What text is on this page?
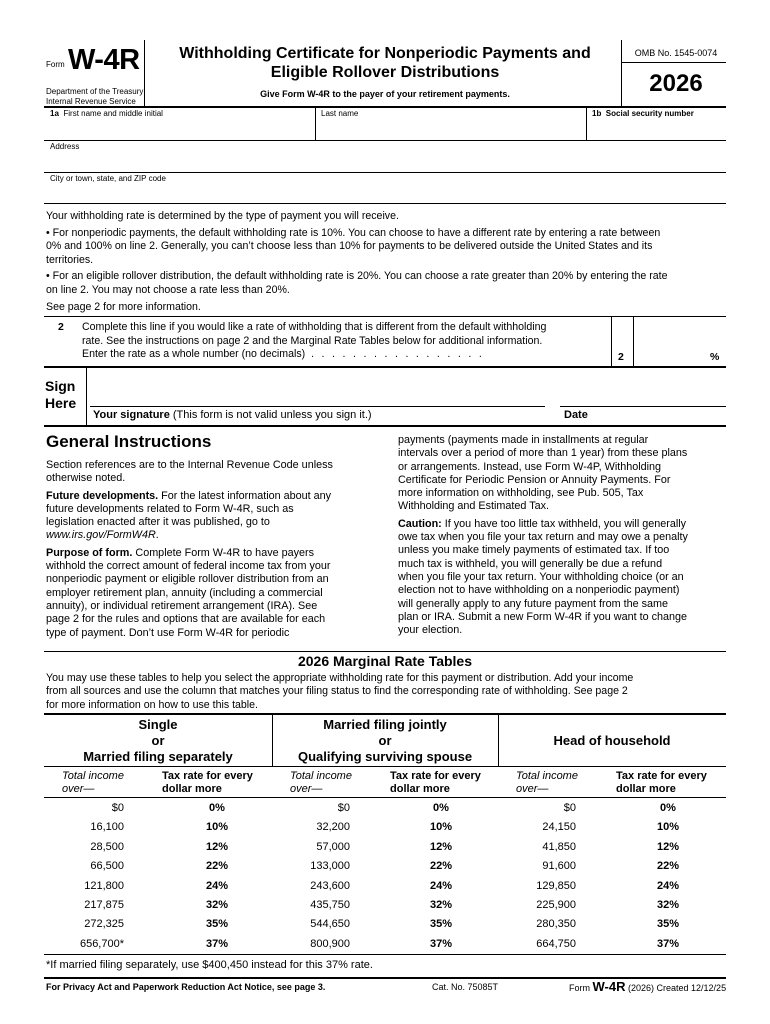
Form W-4R
Department of the Treasury
Internal Revenue Service
Withholding Certificate for Nonperiodic Payments and
Eligible Rollover Distributions
Give Form W-4R to the payer of your retirement payments.
OMB No. 1545-0074
2026
1a First name and middle initial	Last name	1b Social security number
Address
City or town, state, and ZIP code
Your withholding rate is determined by the type of payment you will receive.
• For nonperiodic payments, the default withholding rate is 10%. You can choose to have a different rate by entering a rate between
0% and 100% on line 2. Generally, you can’t choose less than 10% for payments to be delivered outside the United States and its
territories.
• For an eligible rollover distribution, the default withholding rate is 20%. You can choose a rate greater than 20% by entering the rate
on line 2. You may not choose a rate less than 20%.
See page 2 for more information.
2 Complete this line if you would like a rate of withholding that is different from the default withholding
rate. See the instructions on page 2 and the Marginal Rate Tables below for additional information.
Enter the rate as a whole number (no decimals) . . . . . . . . . . . . . . . . .	2	%
Sign
Here
Your signature (This form is not valid unless you sign it.)	Date
General Instructions
Section references are to the Internal Revenue Code unless
otherwise noted.
Future developments. For the latest information about any
future developments related to Form W-4R, such as
legislation enacted after it was published, go to
www.irs.gov/FormW4R.
Purpose of form. Complete Form W-4R to have payers
withhold the correct amount of federal income tax from your
nonperiodic payment or eligible rollover distribution from an
employer retirement plan, annuity (including a commercial
annuity), or individual retirement arrangement (IRA). See
page 2 for the rules and options that are available for each
type of payment. Don’t use Form W-4R for periodic
payments (payments made in installments at regular
intervals over a period of more than 1 year) from these plans
or arrangements. Instead, use Form W-4P, Withholding
Certificate for Periodic Pension or Annuity Payments. For
more information on withholding, see Pub. 505, Tax
Withholding and Estimated Tax.
Caution: If you have too little tax withheld, you will generally
owe tax when you file your tax return and may owe a penalty
unless you make timely payments of estimated tax. If too
much tax is withheld, you will generally be due a refund
when you file your tax return. Your withholding choice (or an
election not to have withholding on a nonperiodic payment)
will generally apply to any future payment from the same
plan or IRA. Submit a new Form W-4R if you want to change
your election.
2026 Marginal Rate Tables
You may use these tables to help you select the appropriate withholding rate for this payment or distribution. Add your income
from all sources and use the column that matches your filing status to find the corresponding rate of withholding. See page 2
for more information on how to use this table.
Single
or
Married filing separately
Married filing jointly
or
Qualifying surviving spouse
Head of household
Total income
over—
Tax rate for every
dollar more
Total income
over—
Tax rate for every
dollar more
Total income
over—
Tax rate for every
dollar more
$0	0%	$0	0%	$0	0%
16,100	10%	32,200	10%	24,150	10%
28,500	12%	57,000	12%	41,850	12%
66,500	22%	133,000	22%	91,600	22%
121,800	24%	243,600	24%	129,850	24%
217,875	32%	435,750	32%	225,900	32%
272,325	35%	544,650	35%	280,350	35%
656,700*	37%	800,900	37%	664,750	37%
*If married filing separately, use $400,450 instead for this 37% rate.
For Privacy Act and Paperwork Reduction Act Notice, see page 3.	Cat. No. 75085T	Form W-4R (2026) Created 12/12/25
